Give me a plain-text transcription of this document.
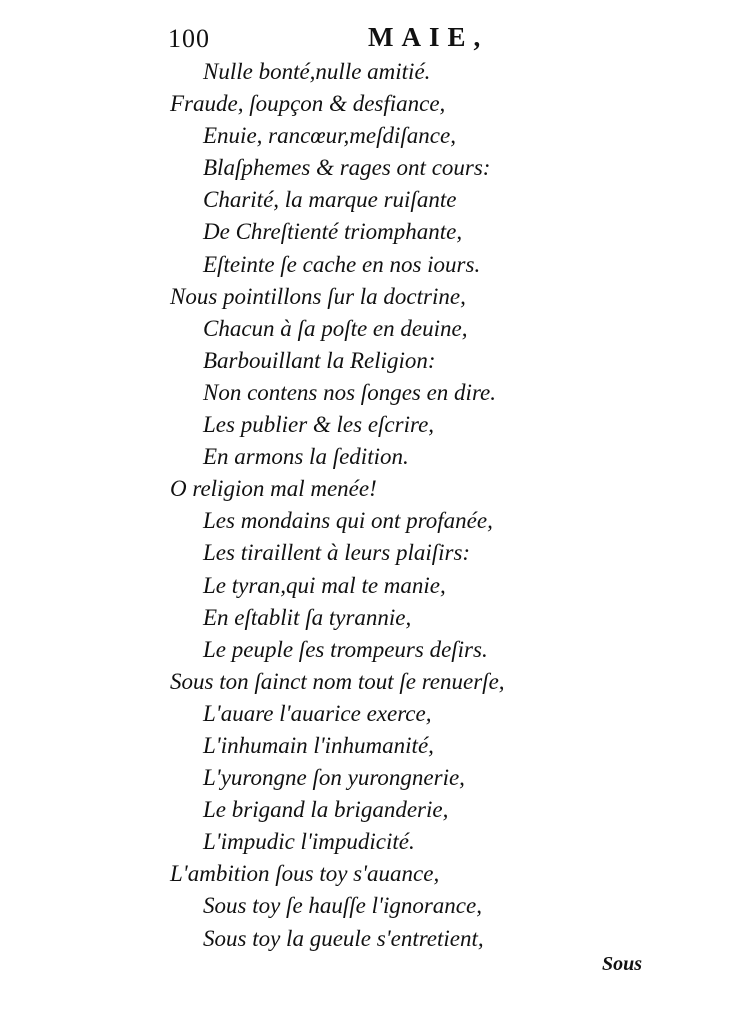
100	MAIE,
Nulle bonté,nulle amitié.
Fraude, ſoupçon & desfiance,
Enuie, rancœur,meſdiſance,
Blaſphemes & rages ont cours:
Charité, la marque ruiſante
De Chreſtienté triomphante,
Eſteinte ſe cache en nos iours.
Nous pointillons ſur la doctrine,
Chacun à ſa poſte en deuine,
Barbouillant la Religion:
Non contens nos ſonges en dire.
Les publier & les eſcrire,
En armons la ſedition.
O religion mal menée!
Les mondains qui ont profanée,
Les tiraillent à leurs plaiſirs:
Le tyran,qui mal te manie,
En eſtablit ſa tyrannie,
Le peuple ſes trompeurs deſirs.
Sous ton ſainct nom tout ſe renuerſe,
L'auare l'auarice exerce,
L'inhumain l'inhumanité,
L'yurongne ſon yurongnerie,
Le brigand la briganderie,
L'impudic l'impudicité.
L'ambition ſous toy s'auance,
Sous toy ſe hauſſe l'ignorance,
Sous toy la gueule s'entretient,
Sous
